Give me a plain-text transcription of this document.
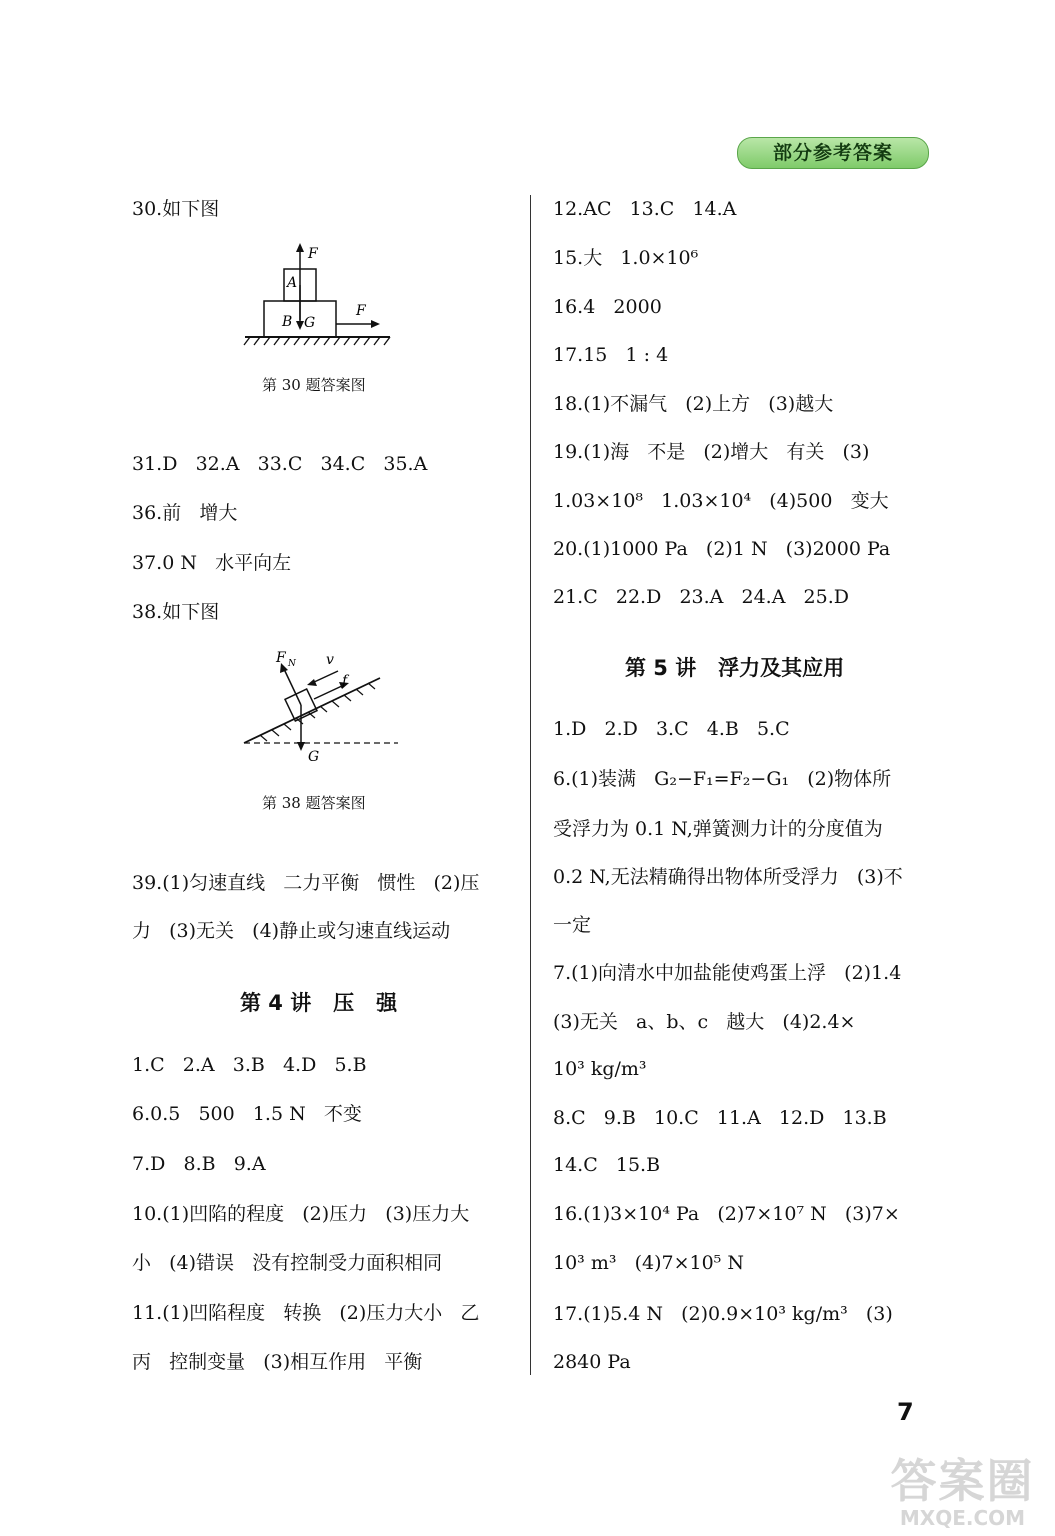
部分参考答案
30.如下图
F
A
B G
F
第 30 题答案图
31.D   32.A   33.C   34.C   35.A
36.前   增大
37.0 N   水平向左
38.如下图
F N v
f
G
第 38 题答案图
39.(1)匀速直线   二力平衡   惯性   (2)压
力   (3)无关   (4)静止或匀速直线运动
第 4 讲   压   强
1.C   2.A   3.B   4.D   5.B
6.0.5   500   1.5 N   不变
7.D   8.B   9.A
10.(1)凹陷的程度   (2)压力   (3)压力大
小   (4)错误   没有控制受力面积相同
11.(1)凹陷程度   转换   (2)压力大小   乙
丙   控制变量   (3)相互作用   平衡
12.AC   13.C   14.A
15.大   1.0×10⁶
16.4   2000
17.15   1 : 4
18.(1)不漏气   (2)上方   (3)越大
19.(1)海   不是   (2)增大   有关   (3)
1.03×10⁸   1.03×10⁴   (4)500   变大
20.(1)1000 Pa   (2)1 N   (3)2000 Pa
21.C   22.D   23.A   24.A   25.D
第 5 讲   浮力及其应用
1.D   2.D   3.C   4.B   5.C
6.(1)装满   G₂−F₁=F₂−G₁   (2)物体所
受浮力为 0.1 N,弹簧测力计的分度值为
0.2 N,无法精确得出物体所受浮力   (3)不
一定
7.(1)向清水中加盐能使鸡蛋上浮   (2)1.4
(3)无关   a、b、c   越大   (4)2.4×
10³ kg/m³
8.C   9.B   10.C   11.A   12.D   13.B
14.C   15.B
16.(1)3×10⁴ Pa   (2)7×10⁷ N   (3)7×
10³ m³   (4)7×10⁵ N
17.(1)5.4 N   (2)0.9×10³ kg/m³   (3)
2840 Pa
7
答案圈
MXQE.COM
